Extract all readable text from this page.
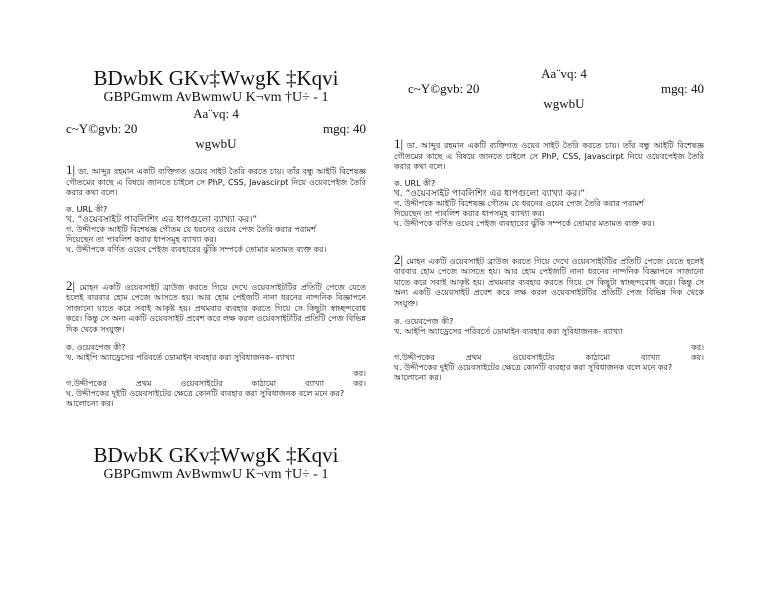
BDwbK GKv‡WwgK ‡Kqvi
GBPGmwm AvBwmwU K¬vm †U÷ - 1
Aa¨vq: 4
c~Y©gvb: 20	mgq: 40
wgwbU
1| ডা. আব্দুর রহমান একটি ব্যক্তিগত ওয়েব সাইট তৈরি করতে চায়। তাঁর বন্ধু আইটি বিশেষজ্ঞ গৌতমের কাছে এ বিষয়ে জানতে চাইলে সে PhP, CSS, Javascirpt নিয়ে ওয়েবপেইজ তৈরি করার কথা বলে।
ক. URL কী?
খ. “ওয়েবসাইট পাবলিশিং এর ধাপগুলো ব্যাখ্যা কর।”
গ. উদ্দীপকে আইটি বিশেষজ্ঞ গৌতম যে ধরনের ওয়েব পেজ তৈরি করার পরামর্শ
দিয়েছেন তা পাবলিশ করার ধাপসমূহ ব্যাখ্যা কর।
ঘ. উদ্দীপকে বর্ণিত ওয়েব পেইজ ব্যবহারের ঝুঁকি সম্পর্কে তোমার মতামত ব্যক্ত কর।
2| মোহন একটি ওয়েবসাইট ব্রাউজ করতে গিয়ে দেখে ওয়েবসাইটটির প্রতিটি পেজে যেতে হলেই বারবার হোম পেজে আসতে হয়। আর হোম পেইজটি নানা ধরনের নান্দনিক বিজ্ঞাপনে সাজানো যাতে করে সবাই আকৃষ্ট হয়। প্রথমবার ব্যবহার করতে গিয়ে সে কিছুটা স্বাচ্ছন্দবোধ করে। কিন্তু সে অন্য একটি ওয়েবসাইট প্রবেশ করে লক্ষ করল ওয়েবসাইটটির প্রতিটি পেজ বিভিন্ন দিক থেকে সংযুক্ত।
ক. ওয়েবপেজ কী?
খ. আইপি অ্যাড্রেসের পরিবর্তে ডোমাইন ব্যবহার করা সুবিধাজনক- ব্যাখ্যা
কর।
গ.উদ্দীপকের	প্রথম	ওয়েবসাইটের	কাঠামো	ব্যাখ্যা	কর।
ঘ. উদ্দীপকের দুইটি ওয়েবসাইটের ক্ষেত্রে কোনটি ব্যবহার করা সুবিধাজনক বলে মনে কর? আলোচনা কর।
BDwbK GKv‡WwgK ‡Kqvi
GBPGmwm AvBwmwU K¬vm †U÷ - 1
Aa¨vq: 4
c~Y©gvb: 20	mgq: 40
wgwbU
1| ডা. আব্দুর রহমান একটি ব্যক্তিগত ওয়েব সাইট তৈরি করতে চায়। তাঁর বন্ধু আইটি বিশেষজ্ঞ গৌতমের কাছে এ বিষয়ে জানতে চাইলে সে PhP, CSS, Javascirpt নিয়ে ওয়েবপেইজ তৈরি করার কথা বলে।
ক. URL কী?
খ. “ওয়েবসাইট পাবলিশিং এর ধাপগুলো ব্যাখ্যা কর।”
গ. উদ্দীপকে আইটি বিশেষজ্ঞ গৌতম যে ধরনের ওয়েব পেজ তৈরি করার পরামর্শ
দিয়েছেন তা পাবলিশ করার ধাপসমূহ ব্যাখ্যা কর।
ঘ. উদ্দীপকে বর্ণিত ওয়েব পেইজ ব্যবহারের ঝুঁকি সম্পর্কে তোমার মতামত ব্যক্ত কর।
2| মোহন একটি ওয়েবসাইট ব্রাউজ করতে গিয়ে দেখে ওয়েবসাইটটির প্রতিটি পেজে যেতে হলেই বারবার হোম পেজে আসতে হয়। আর হোম পেইজটি নানা ধরনের নান্দনিক বিজ্ঞাপনে সাজানো যাতে করে সবাই আকৃষ্ট হয়। প্রথমবার ব্যবহার করতে গিয়ে সে কিছুটা স্বাচ্ছন্দবোধ করে। কিন্তু সে অন্য একটি ওয়েবসাইট প্রবেশ করে লক্ষ করল ওয়েবসাইটটির প্রতিটি পেজ বিভিন্ন দিক থেকে সংযুক্ত।
ক. ওয়েবপেজ কী?
খ. আইপি অ্যাড্রেসের পরিবর্তে ডোমাইন ব্যবহার করা সুবিধাজনক- ব্যাখ্যা
কর।
গ.উদ্দীপকের	প্রথম	ওয়েবসাইটের	কাঠামো	ব্যাখ্যা	কর।
ঘ. উদ্দীপকের দুইটি ওয়েবসাইটের ক্ষেত্রে কোনটি ব্যবহার করা সুবিধাজনক বলে মনে কর? আলোচনা কর।
